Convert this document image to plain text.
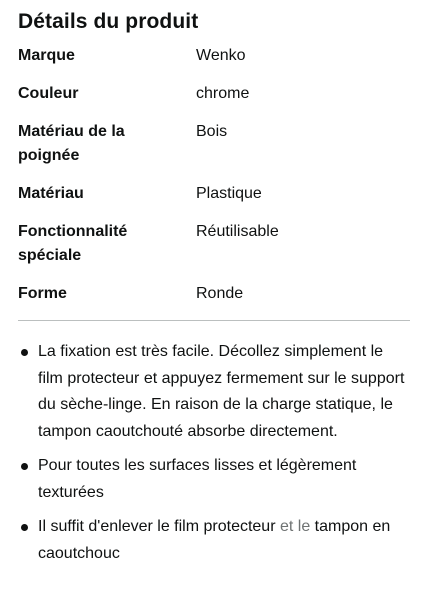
Détails du produit
Marque	Wenko
Couleur	chrome
Matériau de la poignée	Bois
Matériau	Plastique
Fonctionnalité spéciale	Réutilisable
Forme	Ronde
La fixation est très facile. Décollez simplement le film protecteur et appuyez fermement sur le support du sèche-linge. En raison de la charge statique, le tampon caoutchouté absorbe directement.
Pour toutes les surfaces lisses et légèrement texturées
Il suffit d'enlever le film protecteur et le tampon en caoutchouc
